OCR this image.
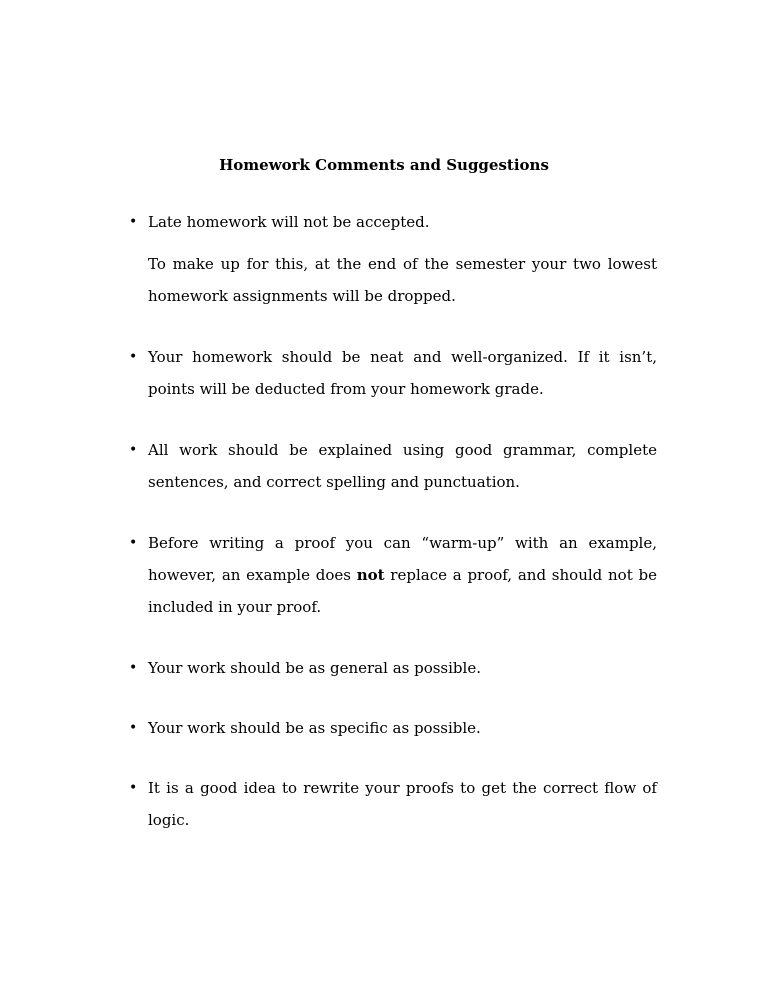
Homework Comments and Suggestions
• Late homework will not be accepted.
To make up for this, at the end of the semester your two lowest homework assignments will be dropped.
• Your homework should be neat and well-organized. If it isn’t, points will be deducted from your homework grade.
• All work should be explained using good grammar, complete sentences, and correct spelling and punctuation.
• Before writing a proof you can “warm-up” with an example, however, an example does not replace a proof, and should not be included in your proof.
• Your work should be as general as possible.
• Your work should be as specific as possible.
• It is a good idea to rewrite your proofs to get the correct flow of logic.
